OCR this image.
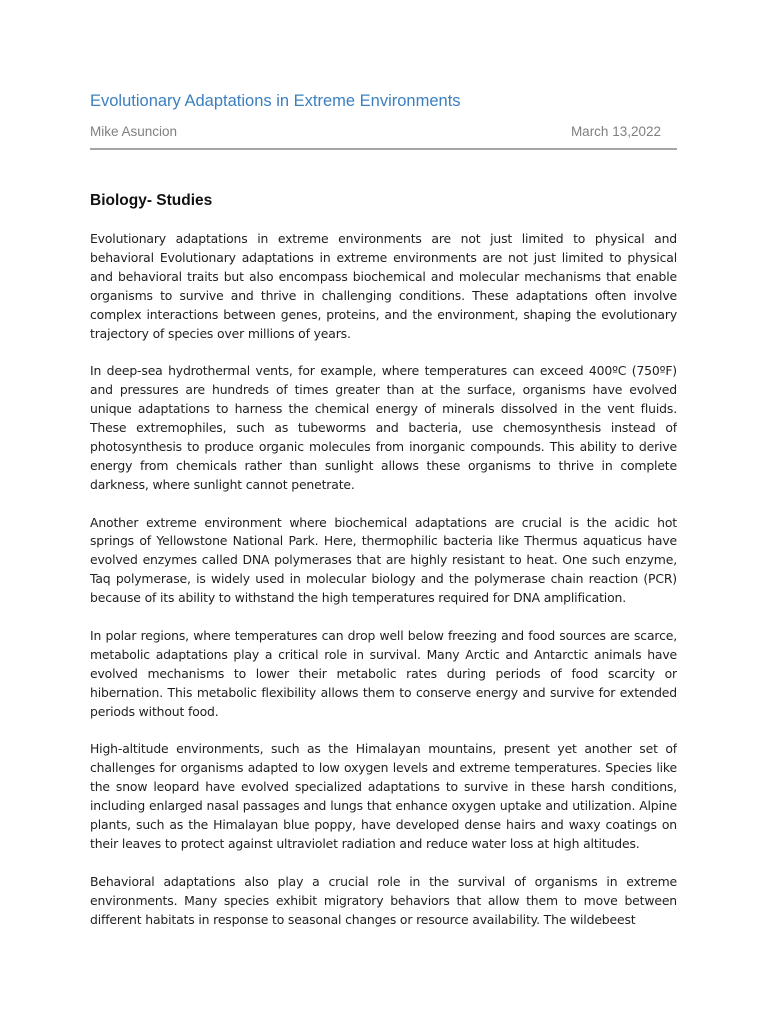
Evolutionary Adaptations in Extreme Environments
Mike Asuncion	March 13,2022
Biology- Studies

Evolutionary adaptations in extreme environments are not just limited to physical and behavioral Evolutionary adaptations in extreme environments are not just limited to physical and behavioral traits but also encompass biochemical and molecular mechanisms that enable organisms to survive and thrive in challenging conditions. These adaptations often involve complex interactions between genes, proteins, and the environment, shaping the evolutionary trajectory of species over millions of years.

In deep-sea hydrothermal vents, for example, where temperatures can exceed 400ºC (750ºF) and pressures are hundreds of times greater than at the surface, organisms have evolved unique adaptations to harness the chemical energy of minerals dissolved in the vent fluids. These extremophiles, such as tubeworms and bacteria, use chemosynthesis instead of photosynthesis to produce organic molecules from inorganic compounds. This ability to derive energy from chemicals rather than sunlight allows these organisms to thrive in complete darkness, where sunlight cannot penetrate.

Another extreme environment where biochemical adaptations are crucial is the acidic hot springs of Yellowstone National Park. Here, thermophilic bacteria like Thermus aquaticus have evolved enzymes called DNA polymerases that are highly resistant to heat. One such enzyme, Taq polymerase, is widely used in molecular biology and the polymerase chain reaction (PCR) because of its ability to withstand the high temperatures required for DNA amplification.

In polar regions, where temperatures can drop well below freezing and food sources are scarce, metabolic adaptations play a critical role in survival. Many Arctic and Antarctic animals have evolved mechanisms to lower their metabolic rates during periods of food scarcity or hibernation. This metabolic flexibility allows them to conserve energy and survive for extended periods without food.

High-altitude environments, such as the Himalayan mountains, present yet another set of challenges for organisms adapted to low oxygen levels and extreme temperatures. Species like the snow leopard have evolved specialized adaptations to survive in these harsh conditions, including enlarged nasal passages and lungs that enhance oxygen uptake and utilization. Alpine plants, such as the Himalayan blue poppy, have developed dense hairs and waxy coatings on their leaves to protect against ultraviolet radiation and reduce water loss at high altitudes.

Behavioral adaptations also play a crucial role in the survival of organisms in extreme environments. Many species exhibit migratory behaviors that allow them to move between different habitats in response to seasonal changes or resource availability. The wildebeest
